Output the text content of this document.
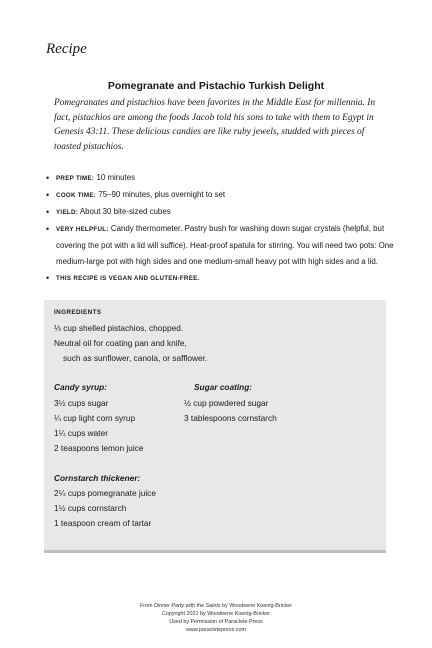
Recipe
Pomegranate and Pistachio Turkish Delight
Pomegranates and pistachios have been favorites in the Middle East for millennia. In fact, pistachios are among the foods Jacob told his sons to take with them to Egypt in Genesis 43:11. These delicious candies are like ruby jewels, studded with pieces of toasted pistachios.
• PREP TIME: 10 minutes
• COOK TIME: 75–90 minutes, plus overnight to set
• YIELD: About 30 bite-sized cubes
• VERY HELPFUL: Candy thermometer. Pastry bush for washing down sugar crystals (helpful, but covering the pot with a lid will suffice). Heat-proof spatula for stirring. You will need two pots: One medium-large pot with high sides and one medium-small heavy pot with high sides and a lid.
• THIS RECIPE IS VEGAN AND GLUTEN-FREE.
INGREDIENTS
⅓ cup shelled pistachios, chopped.
Neutral oil for coating pan and knife,
such as sunflower, canola, or safflower.
Candy syrup:
3½ cups sugar
¼ cup light corn syrup
1¼ cups water
2 teaspoons lemon juice
Sugar coating:
½ cup powdered sugar
3 tablespoons cornstarch
Cornstarch thickener:
2¼ cups pomegranate juice
1½ cups cornstarch
1 teaspoon cream of tartar
From Dinner Party with the Saints by Woodeene Koenig-Bricker
Copyright 2021 by Woodeene Koenig-Bricker
Used by Permission of Paraclete Press
www.paracletepress.com
